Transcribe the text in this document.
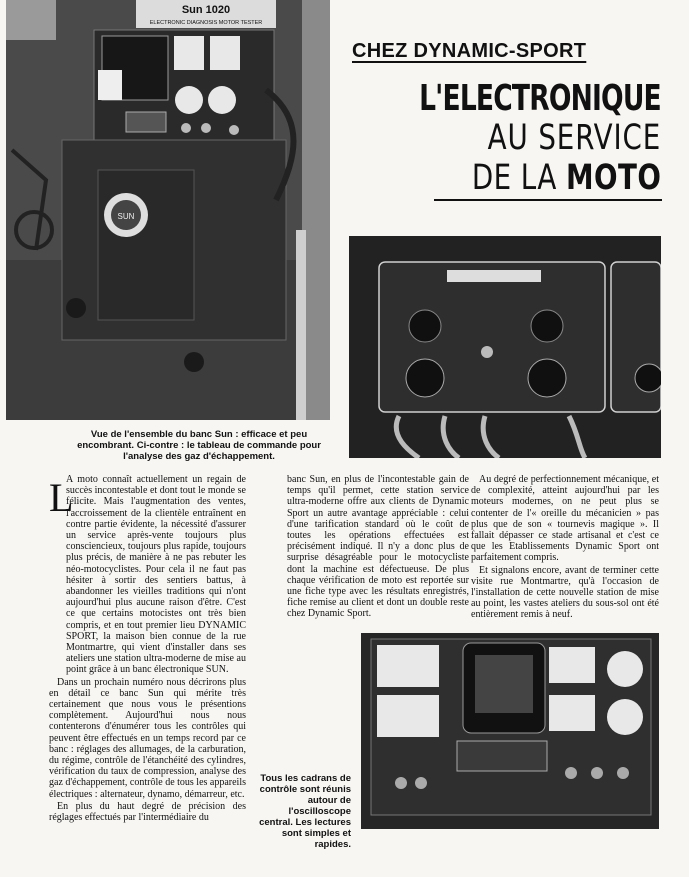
Sun 1020
ELECTRONIC DIAGNOSIS MOTOR TESTER
SUN
CHEZ DYNAMIC-SPORT
L'ELECTRONIQUE
AU SERVICE
DE LA MOTO
Vue de l'ensemble du banc Sun : efficace et peu encombrant. Ci-contre : le tableau de commande pour l'analyse des gaz d'échappement.
L

A moto connaît actuellement un regain de succès incontestable et dont tout le monde se félicite. Mais l'augmentation des ventes, l'accroissement de la clientèle entraînent en contre partie évidente, la nécessité d'assurer un service après-vente toujours plus consciencieux, toujours plus rapide, toujours plus précis, de manière à ne pas rebuter les néo-motocyclistes. Pour cela il ne faut pas hésiter à sortir des sentiers battus, à abandonner les vieilles traditions qui n'ont aujourd'hui plus aucune raison d'être. C'est ce que certains motocistes ont très bien compris, et en tout premier lieu DYNAMIC SPORT, la maison bien connue de la rue Montmartre, qui vient d'installer dans ses ateliers une station ultra-moderne de mise au point grâce à un banc électronique SUN.

Dans un prochain numéro nous décrirons plus en détail ce banc Sun qui mérite très certainement que nous vous le présentions complètement. Aujourd'hui nous nous contenterons d'énumérer tous les contrôles qui peuvent être effectués en un temps record par ce banc : réglages des allumages, de la carburation, du régime, contrôle de l'étanchéité des cylindres, vérification du taux de compression, analyse des gaz d'échappement, contrôle de tous les appareils électriques : alternateur, dynamo, démarreur, etc.

En plus du haut degré de précision des réglages effectués par l'intermédiaire du

banc Sun, en plus de l'incontestable gain de temps qu'il permet, cette station service ultra-moderne offre aux clients de Dynamic Sport un autre avantage appréciable : celui d'une tarification standard où le coût de toutes les opérations effectuées est précisément indiqué. Il n'y a donc plus de surprise désagréable pour le motocycliste dont la machine est défectueuse. De plus chaque vérification de moto est reportée sur une fiche type avec les résultats enregistrés, fiche remise au client et dont un double reste chez Dynamic Sport.

Au degré de perfectionnement mécanique, et de complexité, atteint aujourd'hui par les moteurs modernes, on ne peut plus se contenter de l'« oreille du mécanicien » pas plus que de son « tournevis magique ». Il fallait dépasser ce stade artisanal et c'est ce que les Etablissements Dynamic Sport ont parfaitement compris.

Et signalons encore, avant de terminer cette visite rue Montmartre, qu'à l'occasion de l'installation de cette nouvelle station de mise au point, les vastes ateliers du sous-sol ont été entièrement remis à neuf.

Tous les cadrans de contrôle sont réunis autour de l'oscilloscope central. Les lectures sont simples et rapides.
